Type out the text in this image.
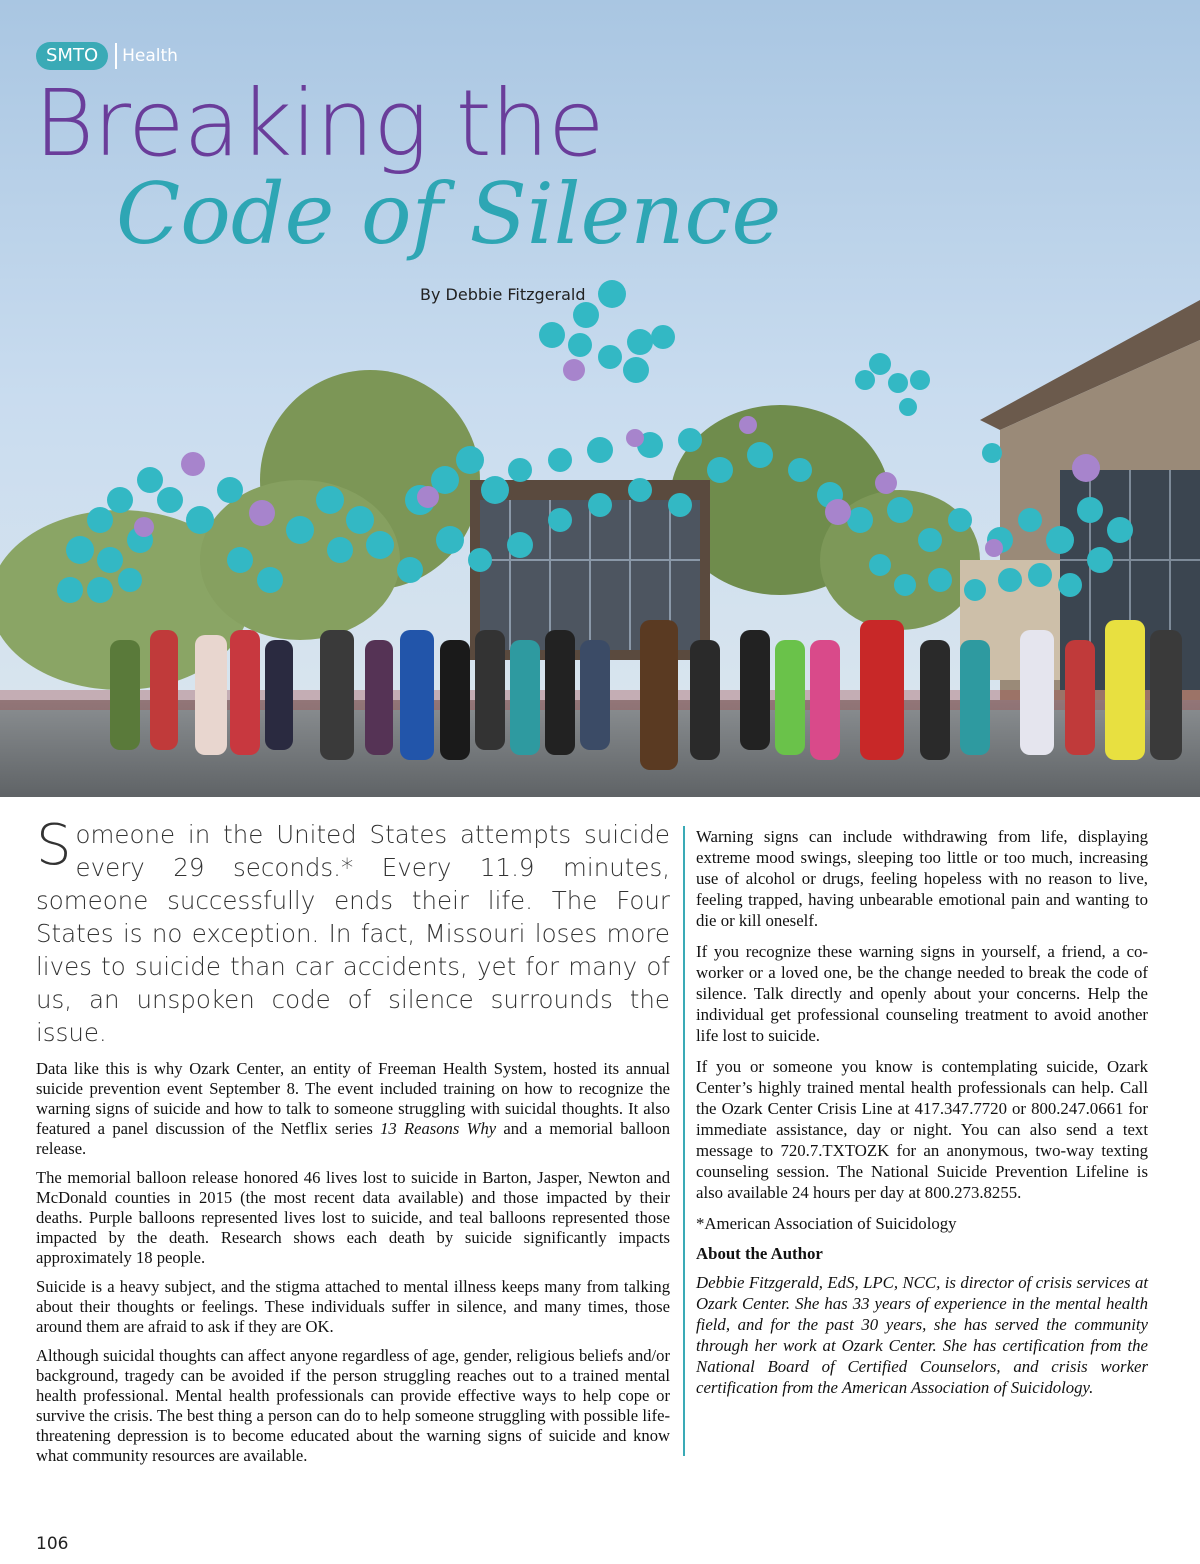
SMTO	Health
Breaking the
Code of Silence
By Debbie Fitzgerald

Someone in the United States attempts suicide every 29 seconds.* Every 11.9 minutes, someone successfully ends their life. The Four States is no exception. In fact, Missouri loses more lives to suicide than car accidents, yet for many of us, an unspoken code of silence surrounds the issue.

Data like this is why Ozark Center, an entity of Freeman Health System, hosted its annual suicide prevention event September 8. The event included training on how to recognize the warning signs of suicide and how to talk to someone struggling with suicidal thoughts. It also featured a panel discussion of the Netflix series 13 Reasons Why and a memorial balloon release.

The memorial balloon release honored 46 lives lost to suicide in Barton, Jasper, Newton and McDonald counties in 2015 (the most recent data available) and those impacted by their deaths. Purple balloons represented lives lost to suicide, and teal balloons represented those impacted by the death. Research shows each death by suicide significantly impacts approximately 18 people.

Suicide is a heavy subject, and the stigma attached to mental illness keeps many from talking about their thoughts or feelings. These individuals suffer in silence, and many times, those around them are afraid to ask if they are OK.

Although suicidal thoughts can affect anyone regardless of age, gender, religious beliefs and/or background, tragedy can be avoided if the person struggling reaches out to a trained mental health professional. Mental health professionals can provide effective ways to help cope or survive the crisis. The best thing a person can do to help someone struggling with possible life-threatening depression is to become educated about the warning signs of suicide and know what community resources are available.

Warning signs can include withdrawing from life, displaying extreme mood swings, sleeping too little or too much, increasing use of alcohol or drugs, feeling hopeless with no reason to live, feeling trapped, having unbearable emotional pain and wanting to die or kill oneself.

If you recognize these warning signs in yourself, a friend, a co-worker or a loved one, be the change needed to break the code of silence. Talk directly and openly about your concerns. Help the individual get professional counseling treatment to avoid another life lost to suicide.

If you or someone you know is contemplating suicide, Ozark Center’s highly trained mental health professionals can help. Call the Ozark Center Crisis Line at 417.347.7720 or 800.247.0661 for immediate assistance, day or night. You can also send a text message to 720.7.TXTOZK for an anonymous, two-way texting counseling session. The National Suicide Prevention Lifeline is also available 24 hours per day at 800.273.8255.

*American Association of Suicidology

About the Author

Debbie Fitzgerald, EdS, LPC, NCC, is director of crisis services at Ozark Center. She has 33 years of experience in the mental health field, and for the past 30 years, she has served the community through her work at Ozark Center. She has certification from the National Board of Certified Counselors, and crisis worker certification from the American Association of Suicidology.

106
